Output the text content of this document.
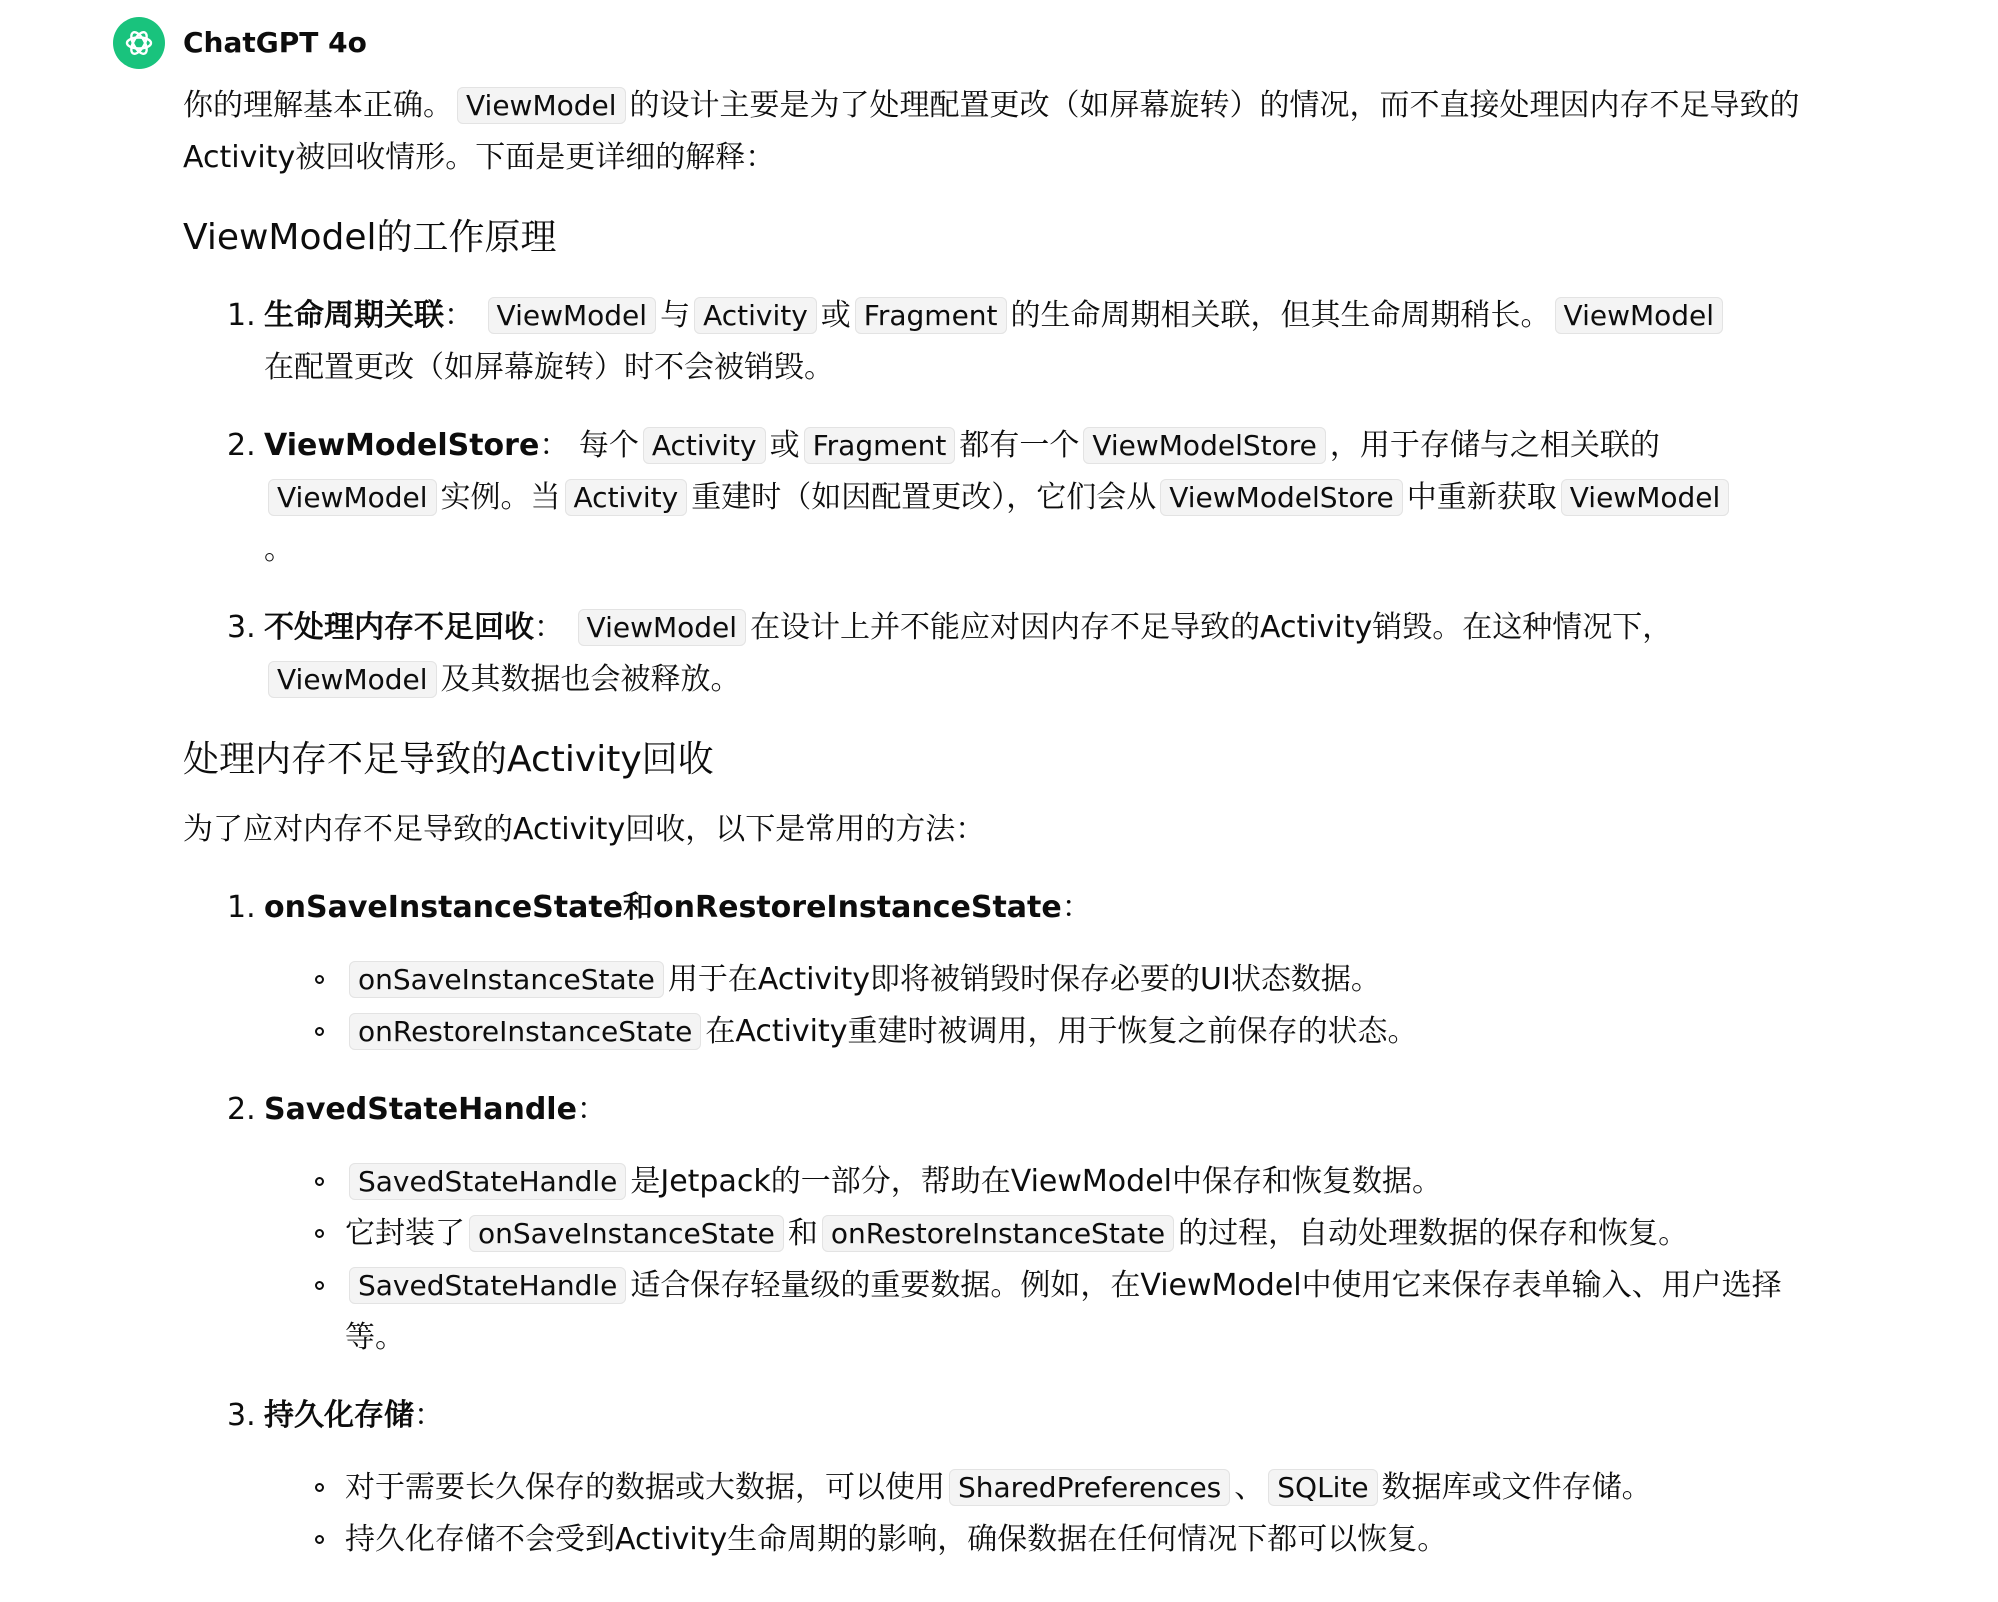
ChatGPT 4o

你的理解基本正确。 ViewModel 的设计主要是为了处理配置更改（如屏幕旋转）的情况，而不直接处理因内存不足导致的Activity被回收情形。下面是更详细的解释：

ViewModel的工作原理
1. 生命周期关联： ViewModel 与 Activity 或 Fragment 的生命周期相关联，但其生命周期稍长。 ViewModel
在配置更改（如屏幕旋转）时不会被销毁。
2. ViewModelStore： 每个 Activity 或 Fragment 都有一个 ViewModelStore ，用于存储与之相关联的
ViewModel 实例。当 Activity 重建时（如因配置更改），它们会从 ViewModelStore 中重新获取 ViewModel
。
3. 不处理内存不足回收： ViewModel 在设计上并不能应对因内存不足导致的Activity销毁。在这种情况下，
ViewModel 及其数据也会被释放。
处理内存不足导致的Activity回收

为了应对内存不足导致的Activity回收，以下是常用的方法：

1. onSaveInstanceState和onRestoreInstanceState：
onSaveInstanceState 用于在Activity即将被销毁时保存必要的UI状态数据。
onRestoreInstanceState 在Activity重建时被调用，用于恢复之前保存的状态。
2. SavedStateHandle：
SavedStateHandle 是Jetpack的一部分，帮助在ViewModel中保存和恢复数据。
它封装了 onSaveInstanceState 和 onRestoreInstanceState 的过程，自动处理数据的保存和恢复。
SavedStateHandle 适合保存轻量级的重要数据。例如，在ViewModel中使用它来保存表单输入、用户选择等。
3. 持久化存储：
对于需要长久保存的数据或大数据，可以使用 SharedPreferences 、 SQLite 数据库或文件存储。
持久化存储不会受到Activity生命周期的影响，确保数据在任何情况下都可以恢复。
